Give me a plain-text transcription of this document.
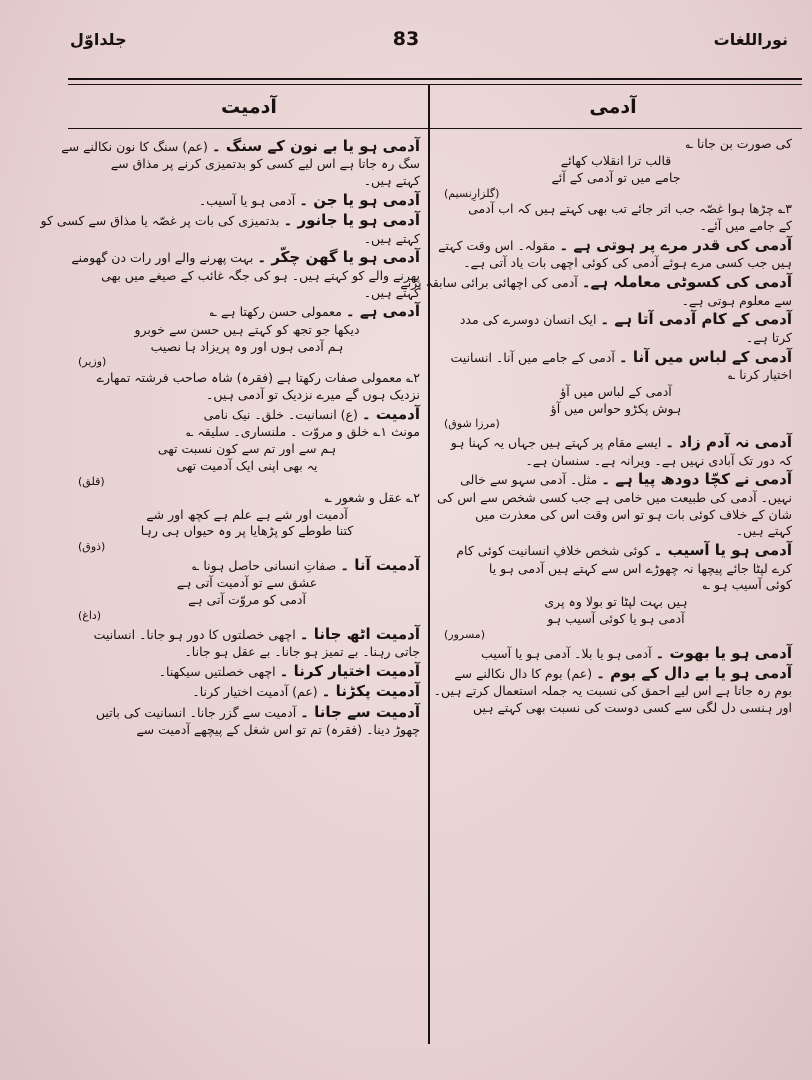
نوراللغات
83
جلداوّل
آدمی
آدمیت
کی صورت بن جانا ؎
قالب ترا انقلاب کھائے
جامے میں تو آدمی کے آئے
(گلزارِنسیم)
۳؎ چڑھا ہوا غصّہ جب اتر جائے تب بھی کہتے ہیں کہ اب آدمی
کے جامے میں آئے۔
آدمی کی قدر مرے پر ہوتی ہے ۔ مقولہ۔ اس وقت کہتے
ہیں جب کسی مرے ہوئے آدمی کی کوئی اچھی بات یاد آتی ہے۔
آدمی کی کسوٹی معاملہ ہے۔ آدمی کی اچھائی برائی سابقہ پڑنے
سے معلوم ہوتی ہے۔
آدمی کے کام آدمی آتا ہے ۔ ایک انسان دوسرے کی مدد
کرتا ہے۔
آدمی کے لباس میں آنا ۔ آدمی کے جامے میں آنا۔ انسانیت
اختیار کرنا ؎
آدمی کے لباس میں آؤ
ہوش پکڑو حواس میں آؤ
(مرزا شوق)
آدمی نہ آدم زاد ۔ ایسے مقام پر کہتے ہیں جہاں یہ کہنا ہو
کہ دور تک آبادی نہیں ہے۔ ویرانہ ہے۔ سنسان ہے۔
آدمی نے کچّا دودھ پیا ہے ۔ مثل۔ آدمی سہو سے خالی
نہیں۔ آدمی کی طبیعت میں خامی ہے جب کسی شخص سے اس کی
شان کے خلاف کوئی بات ہو تو اس وقت اس کی معذرت میں
کہتے ہیں۔
آدمی ہو یا آسیب ۔ کوئی شخص خلافِ انسانیت کوئی کام
کرے لپٹا جائے پیچھا نہ چھوڑے اس سے کہتے ہیں آدمی ہو یا
کوئی آسیب ہو ؎
ہیں بہت لپٹا تو بولا وہ پری
آدمی ہو یا کوئی آسیب ہو
(مسرور)
آدمی ہو یا بھوت ۔ آدمی ہو یا بلا۔ آدمی ہو یا آسیب
آدمی ہو یا بے دال کے بوم ۔ (عم) بوم کا دال نکالنے سے
بوم رہ جاتا ہے اس لیے احمق کی نسبت یہ جملہ استعمال کرتے ہیں۔
اور ہنسی دل لگی سے کسی دوست کی نسبت بھی کہتے ہیں
آدمی ہو یا بے نون کے سنگ ۔ (عم) سنگ کا نون نکالنے سے
سگ رہ جاتا ہے اس لیے کسی کو بدتمیزی کرنے پر مذاق سے
کہتے ہیں۔
آدمی ہو یا جن ۔ آدمی ہو یا آسیب۔
آدمی ہو یا جانور ۔ بدتمیزی کی بات پر غصّہ یا مذاق سے کسی کو
کہتے ہیں۔
آدمی ہو یا گھن چکّر ۔ بہت پھرنے والے اور رات دن گھومنے
پھرنے والے کو کہتے ہیں۔ ہو کی جگہ غائب کے صیغے میں بھی
کہتے ہیں۔
آدمی ہے ۔ معمولی حسن رکھتا ہے ؎
دیکھا جو تجھ کو کہتے ہیں حسن سے خوبرو
ہم آدمی ہوں اور وہ پریزاد ہا نصیب
(وزیر)
۲؎ معمولی صفات رکھتا ہے (فقرہ) شاہ صاحب فرشتہ تمھارے
نزدیک ہوں گے میرے نزدیک تو آدمی ہیں۔
آدمیت ۔ (ع) انسانیت۔ خلق۔ نیک نامی
مونث ۱؎ خلق و مروّت ۔ ملنساری۔ سلیقہ ؎
ہم سے اور تم سے کون نسبت تھی
یہ بھی اپنی ایک آدمیت تھی
(قلق)
۲؎ عقل و شعور ؎
آدمیت اور شے ہے علم ہے کچھ اور شے
کتنا طوطے کو پڑھایا پر وہ حیواں ہی رہا
(ذوق)
آدمیت آنا ۔ صفاتِ انسانی حاصل ہونا ؎
عشق سے تو آدمیت آتی ہے
آدمی کو مروّت آتی ہے
(داغ)
آدمیت اٹھ جانا ۔ اچھی خصلتوں کا دور ہو جانا۔ انسانیت
جاتی رہنا۔ بے تمیز ہو جانا۔ بے عقل ہو جانا۔
آدمیت اختیار کرنا ۔ اچھی خصلتیں سیکھنا۔
آدمیت پکڑنا ۔ (عم) آدمیت اختیار کرنا۔
آدمیت سے جانا ۔ آدمیت سے گزر جانا۔ انسانیت کی باتیں
چھوڑ دینا۔ (فقرہ) تم تو اس شغل کے پیچھے آدمیت سے
